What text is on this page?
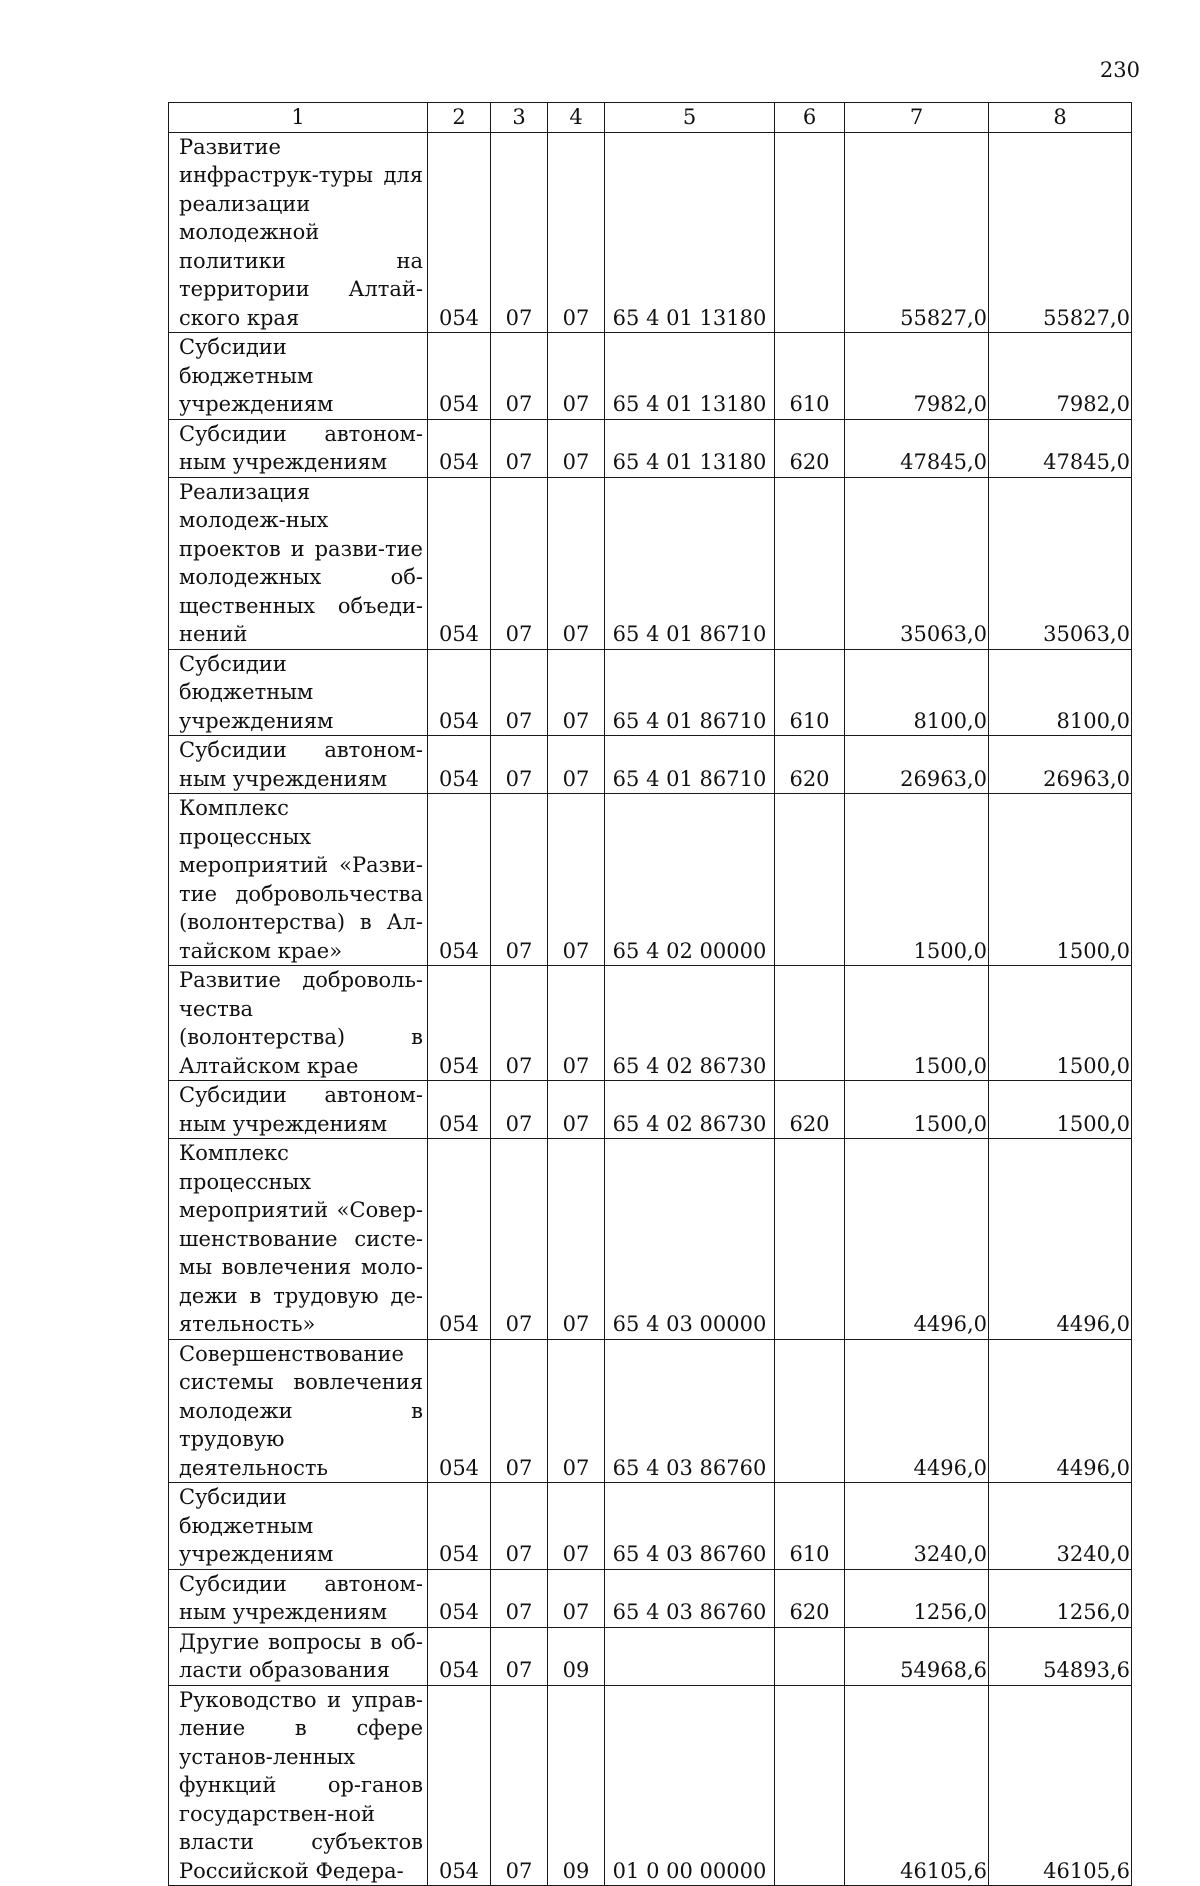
230
1	2	3	4	5	6	7	8
Развитие инфраструк-туры для реализации молодежной политики на территории Алтай-ского края	054	07	07	65 4 01 13180		55827,0	55827,0
Субсидии бюджетным учреждениям	054	07	07	65 4 01 13180	610	7982,0	7982,0
Субсидии автоном-ным учреждениям	054	07	07	65 4 01 13180	620	47845,0	47845,0
Реализация молодеж-ных проектов и разви-тие молодежных об-щественных объеди-нений	054	07	07	65 4 01 86710		35063,0	35063,0
Субсидии бюджетным учреждениям	054	07	07	65 4 01 86710	610	8100,0	8100,0
Субсидии автоном-ным учреждениям	054	07	07	65 4 01 86710	620	26963,0	26963,0
Комплекс процессных мероприятий «Разви-тие добровольчества (волонтерства) в Ал-тайском крае»	054	07	07	65 4 02 00000		1500,0	1500,0
Развитие доброволь-чества (волонтерства) в Алтайском крае	054	07	07	65 4 02 86730		1500,0	1500,0
Субсидии автоном-ным учреждениям	054	07	07	65 4 02 86730	620	1500,0	1500,0
Комплекс процессных мероприятий «Совер-шенствование систе-мы вовлечения моло-дежи в трудовую де-ятельность»	054	07	07	65 4 03 00000		4496,0	4496,0
Совершенствование системы вовлечения молодежи в трудовую деятельность	054	07	07	65 4 03 86760		4496,0	4496,0
Субсидии бюджетным учреждениям	054	07	07	65 4 03 86760	610	3240,0	3240,0
Субсидии автоном-ным учреждениям	054	07	07	65 4 03 86760	620	1256,0	1256,0
Другие вопросы в об-ласти образования	054	07	09			54968,6	54893,6
Руководство и управ-ление в сфере установ-ленных функций ор-ганов государствен-ной власти субъектов Российской Федера-	054	07	09	01 0 00 00000		46105,6	46105,6
